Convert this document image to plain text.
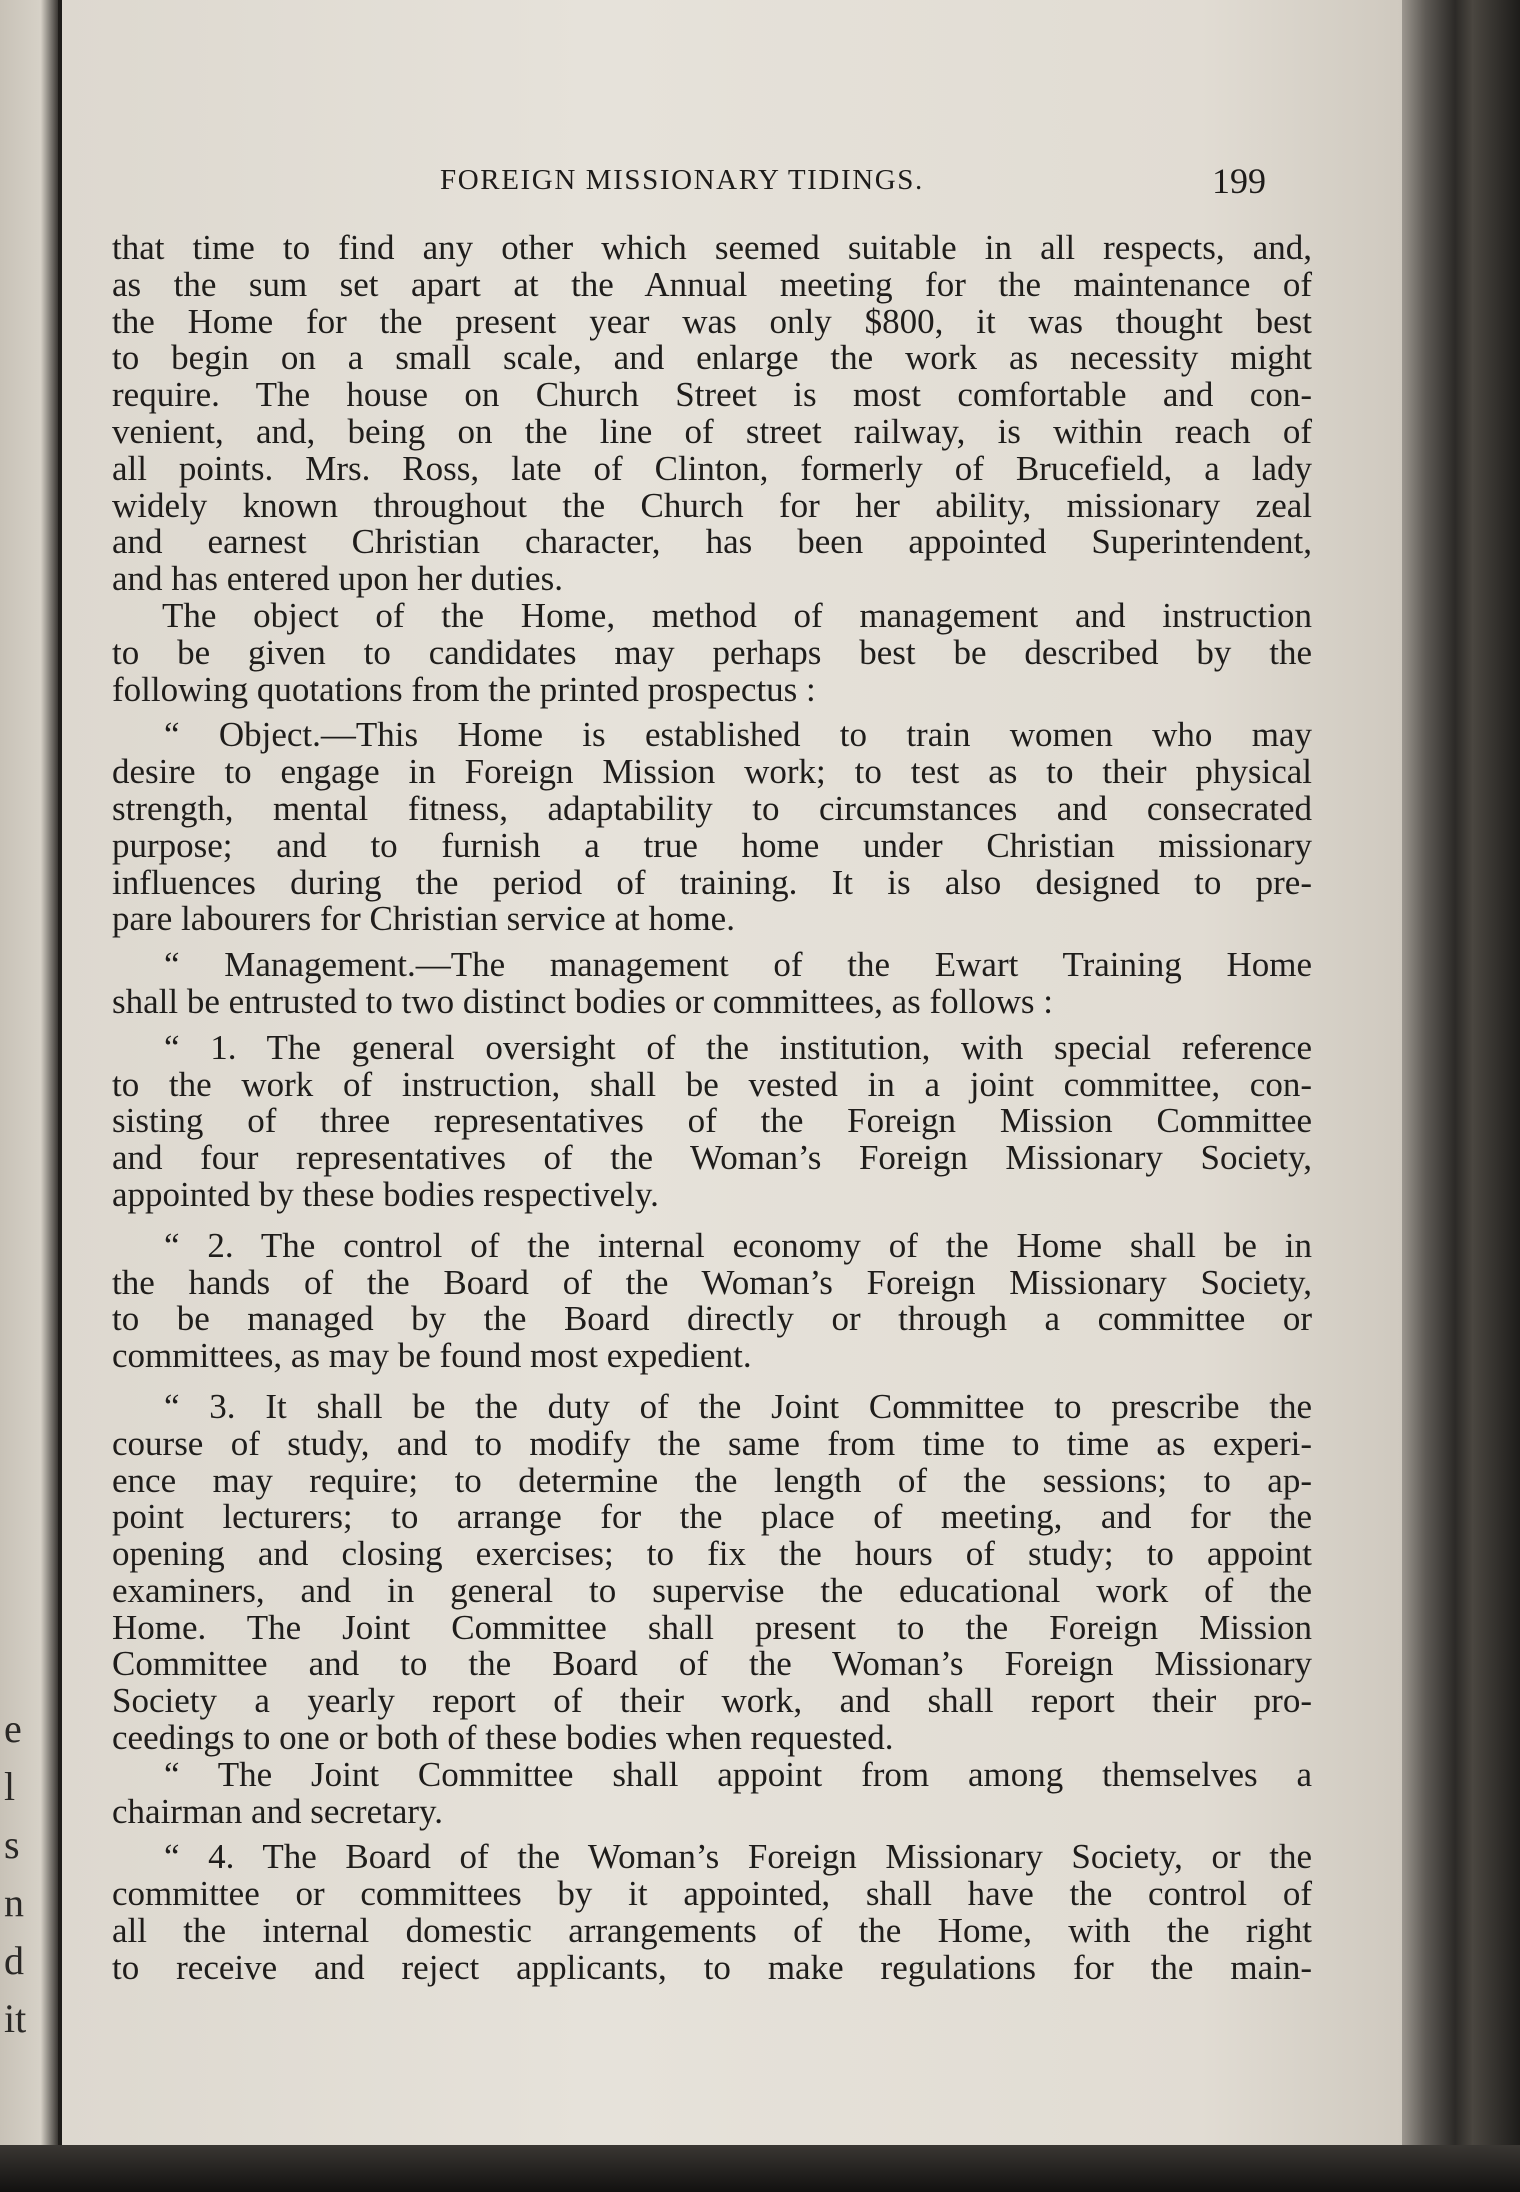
e
l
s
n
d
it
FOREIGN MISSIONARY TIDINGS.	199

that time to find any other which seemed suitable in all respects, and,
as the sum set apart at the Annual meeting for the maintenance of
the Home for the present year was only $800, it was thought best
to begin on a small scale, and enlarge the work as necessity might
require. The house on Church Street is most comfortable and con-
venient, and, being on the line of street railway, is within reach of
all points. Mrs. Ross, late of Clinton, formerly of Brucefield, a lady
widely known throughout the Church for her ability, missionary zeal
and earnest Christian character, has been appointed Superintendent,
and has entered upon her duties.

The object of the Home, method of management and instruction
to be given to candidates may perhaps best be described by the
following quotations from the printed prospectus :

“ Object.—This Home is established to train women who may
desire to engage in Foreign Mission work; to test as to their physical
strength, mental fitness, adaptability to circumstances and consecrated
purpose; and to furnish a true home under Christian missionary
influences during the period of training. It is also designed to pre-
pare labourers for Christian service at home.

“ Management.—The management of the Ewart Training Home
shall be entrusted to two distinct bodies or committees, as follows :

“ 1. The general oversight of the institution, with special reference
to the work of instruction, shall be vested in a joint committee, con-
sisting of three representatives of the Foreign Mission Committee
and four representatives of the Woman’s Foreign Missionary Society,
appointed by these bodies respectively.

“ 2. The control of the internal economy of the Home shall be in
the hands of the Board of the Woman’s Foreign Missionary Society,
to be managed by the Board directly or through a committee or
committees, as may be found most expedient.

“ 3. It shall be the duty of the Joint Committee to prescribe the
course of study, and to modify the same from time to time as experi-
ence may require; to determine the length of the sessions; to ap-
point lecturers; to arrange for the place of meeting, and for the
opening and closing exercises; to fix the hours of study; to appoint
examiners, and in general to supervise the educational work of the
Home. The Joint Committee shall present to the Foreign Mission
Committee and to the Board of the Woman’s Foreign Missionary
Society a yearly report of their work, and shall report their pro-
ceedings to one or both of these bodies when requested.

“ The Joint Committee shall appoint from among themselves a
chairman and secretary.

“ 4. The Board of the Woman’s Foreign Missionary Society, or the
committee or committees by it appointed, shall have the control of
all the internal domestic arrangements of the Home, with the right
to receive and reject applicants, to make regulations for the main-
